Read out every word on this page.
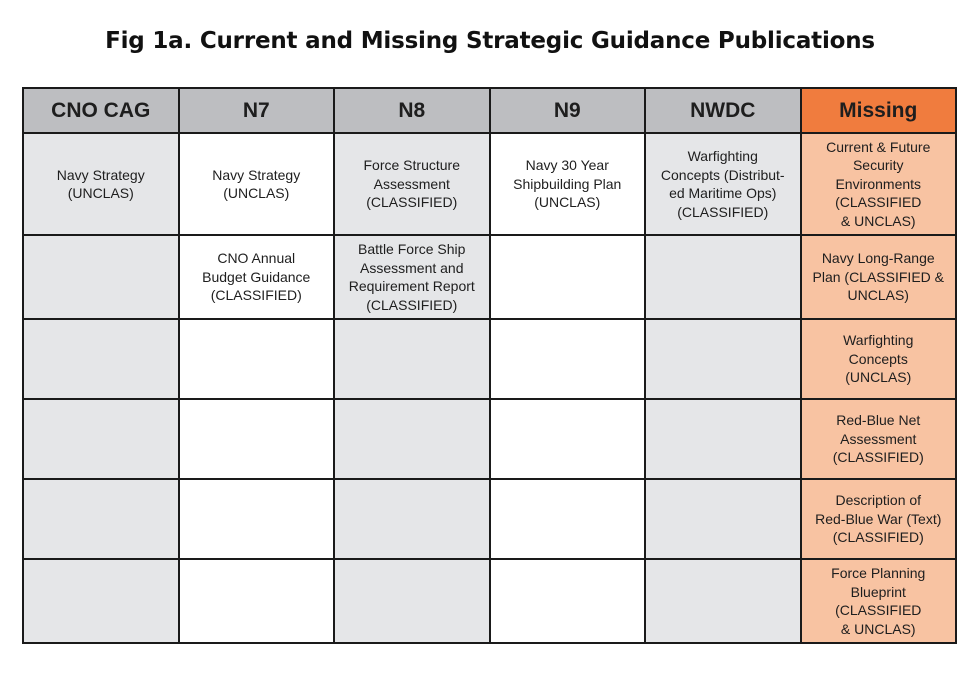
Fig 1a. Current and Missing Strategic Guidance Publications
CNO CAG	N7	N8	N9	NWDC	Missing
Navy Strategy
(UNCLAS)	Navy Strategy
(UNCLAS)	Force Structure
Assessment
(CLASSIFIED)	Navy 30 Year
Shipbuilding Plan
(UNCLAS)	Warfighting
Concepts (Distribut-
ed Maritime Ops)
(CLASSIFIED)	Current & Future
Security
Environments
(CLASSIFIED
& UNCLAS)
	CNO Annual
Budget Guidance
(CLASSIFIED)	Battle Force Ship
Assessment and
Requirement Report
(CLASSIFIED)			Navy Long-Range
Plan (CLASSIFIED &
UNCLAS)
					Warfighting
Concepts
(UNCLAS)
					Red-Blue Net
Assessment
(CLASSIFIED)
					Description of
Red-Blue War (Text)
(CLASSIFIED)
					Force Planning
Blueprint
(CLASSIFIED
& UNCLAS)
